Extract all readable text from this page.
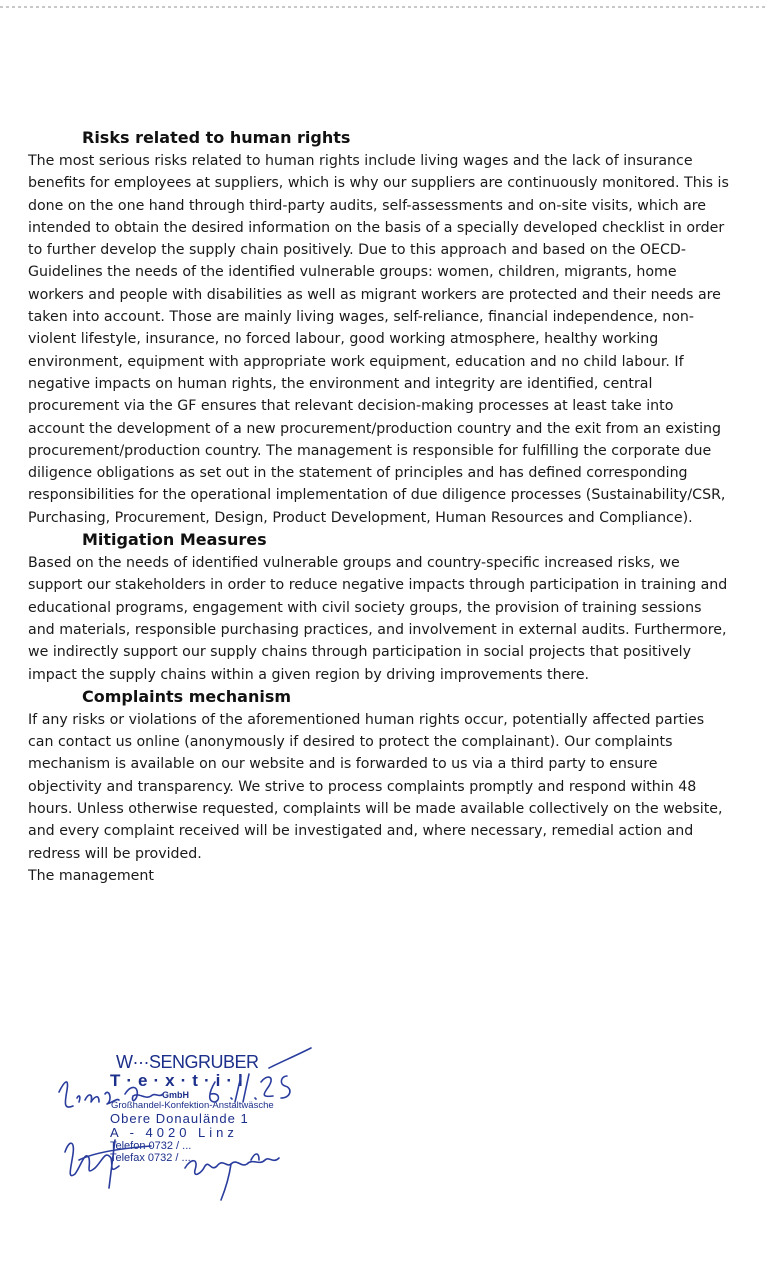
Risks related to human rights

The most serious risks related to human rights include living wages and the lack of insurance benefits for employees at suppliers, which is why our suppliers are continuously monitored. This is done on the one hand through third-party audits, self-assessments and on-site visits, which are intended to obtain the desired information on the basis of a specially developed checklist in order to further develop the supply chain positively. Due to this approach and based on the OECD-Guidelines the needs of the identified vulnerable groups: women, children, migrants, home workers and people with disabilities as well as migrant workers are protected and their needs are taken into account. Those are mainly living wages, self-reliance, financial independence, non-violent lifestyle, insurance, no forced labour, good working atmosphere, healthy working environment, equipment with appropriate work equipment, education and no child labour. If negative impacts on human rights, the environment and integrity are identified, central procurement via the GF ensures that relevant decision-making processes at least take into account the development of a new procurement/production country and the exit from an existing procurement/production country. The management is responsible for fulfilling the corporate due diligence obligations as set out in the statement of principles and has defined corresponding responsibilities for the operational implementation of due diligence processes (Sustainability/CSR, Purchasing, Procurement, Design, Product Development, Human Resources and Compliance).

Mitigation Measures

Based on the needs of identified vulnerable groups and country-specific increased risks, we support our stakeholders in order to reduce negative impacts through participation in training and educational programs, engagement with civil society groups, the provision of training sessions and materials, responsible purchasing practices, and involvement in external audits. Furthermore, we indirectly support our supply chains through participation in social projects that positively impact the supply chains within a given region by driving improvements there.

Complaints mechanism

If any risks or violations of the aforementioned human rights occur, potentially affected parties can contact us online (anonymously if desired to protect the complainant). Our complaints mechanism is available on our website and is forwarded to us via a third party to ensure objectivity and transparency. We strive to process complaints promptly and respond within 48 hours. Unless otherwise requested, complaints will be made available collectively on the website, and every complaint received will be investigated and, where necessary, remedial action and redress will be provided.

The management

W···SENGRUBER
T·e·x·t·i·l
GmbH
Großhandel-Konfektion-Anstaltwäsche
Obere Donaulände 1
A - 4020 Linz
Telefon 0732 / ...
Telefax 0732 / ...
